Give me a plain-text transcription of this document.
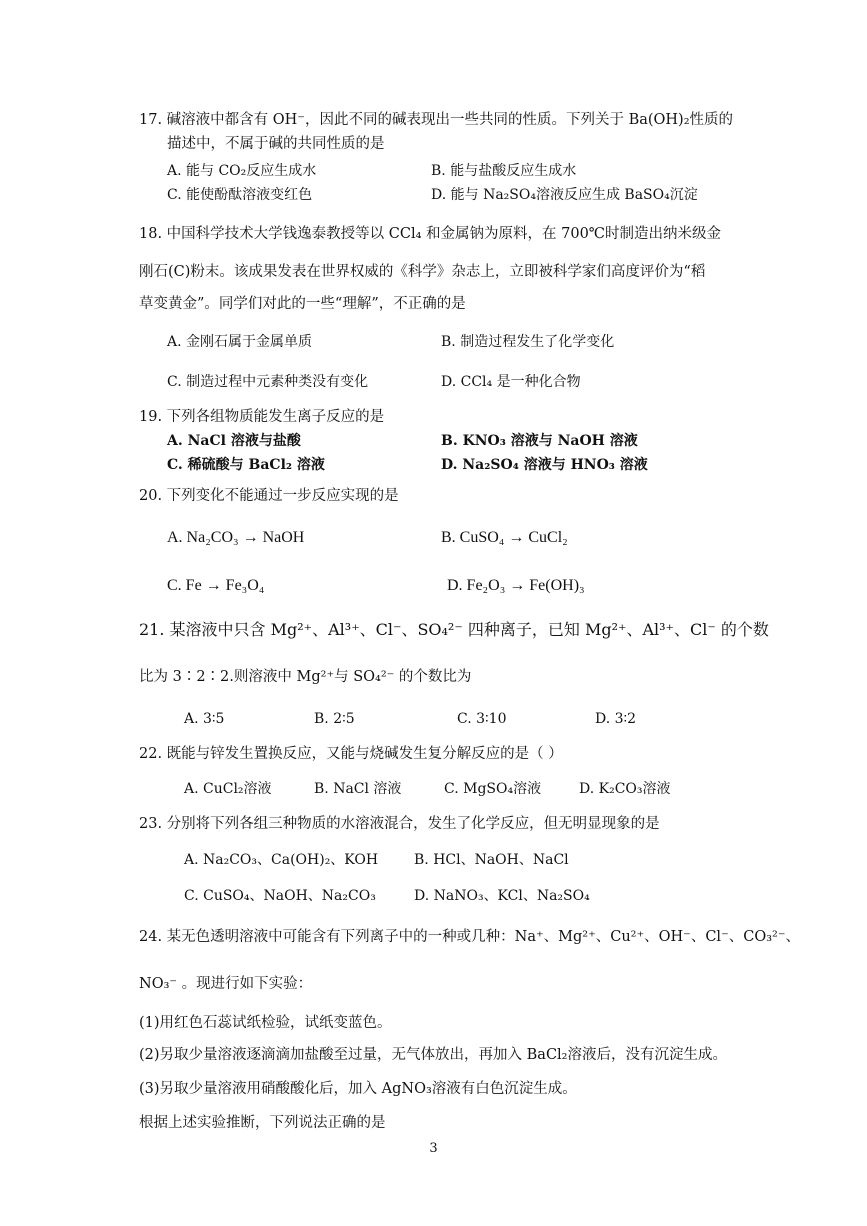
17. 碱溶液中都含有 OH⁻，因此不同的碱表现出一些共同的性质。下列关于 Ba(OH)₂性质的
描述中，不属于碱的共同性质的是
A. 能与 CO₂反应生成水	B. 能与盐酸反应生成水
C. 能使酚酞溶液变红色	D. 能与 Na₂SO₄溶液反应生成 BaSO₄沉淀
18. 中国科学技术大学钱逸泰教授等以 CCl₄ 和金属钠为原料，在 700℃时制造出纳米级金
刚石(C)粉末。该成果发表在世界权威的《科学》杂志上，立即被科学家们高度评价为“稻
草变黄金”。同学们对此的一些“理解”，不正确的是
A. 金刚石属于金属单质	B. 制造过程发生了化学变化
C. 制造过程中元素种类没有变化	D. CCl₄ 是一种化合物
19. 下列各组物质能发生离子反应的是
A. NaCl 溶液与盐酸	B. KNO₃ 溶液与 NaOH 溶液
C. 稀硫酸与 BaCl₂ 溶液	D. Na₂SO₄ 溶液与 HNO₃ 溶液
20. 下列变化不能通过一步反应实现的是
A. Na₂CO₃ → NaOH	B. CuSO₄ → CuCl₂
C. Fe → Fe₃O₄	D. Fe₂O₃ → Fe(OH)₃
21. 某溶液中只含 Mg²⁺、Al³⁺、Cl⁻、SO₄²⁻ 四种离子，已知 Mg²⁺、Al³⁺、Cl⁻ 的个数
比为 3∶2∶2.则溶液中 Mg²⁺与 SO₄²⁻ 的个数比为
A. 3∶5	B. 2∶5	C. 3∶10	D. 3∶2
22. 既能与锌发生置换反应，又能与烧碱发生复分解反应的是（ ）
A. CuCl₂溶液	B. NaCl 溶液	C. MgSO₄溶液	D. K₂CO₃溶液
23. 分别将下列各组三种物质的水溶液混合，发生了化学反应，但无明显现象的是
A. Na₂CO₃、Ca(OH)₂、KOH	B. HCl、NaOH、NaCl
C. CuSO₄、NaOH、Na₂CO₃	D. NaNO₃、KCl、Na₂SO₄
24. 某无色透明溶液中可能含有下列离子中的一种或几种：Na⁺、Mg²⁺、Cu²⁺、OH⁻、Cl⁻、CO₃²⁻、
NO₃⁻ 。现进行如下实验：
(1)用红色石蕊试纸检验，试纸变蓝色。
(2)另取少量溶液逐滴滴加盐酸至过量，无气体放出，再加入 BaCl₂溶液后，没有沉淀生成。
(3)另取少量溶液用硝酸酸化后，加入 AgNO₃溶液有白色沉淀生成。
根据上述实验推断，下列说法正确的是
3
